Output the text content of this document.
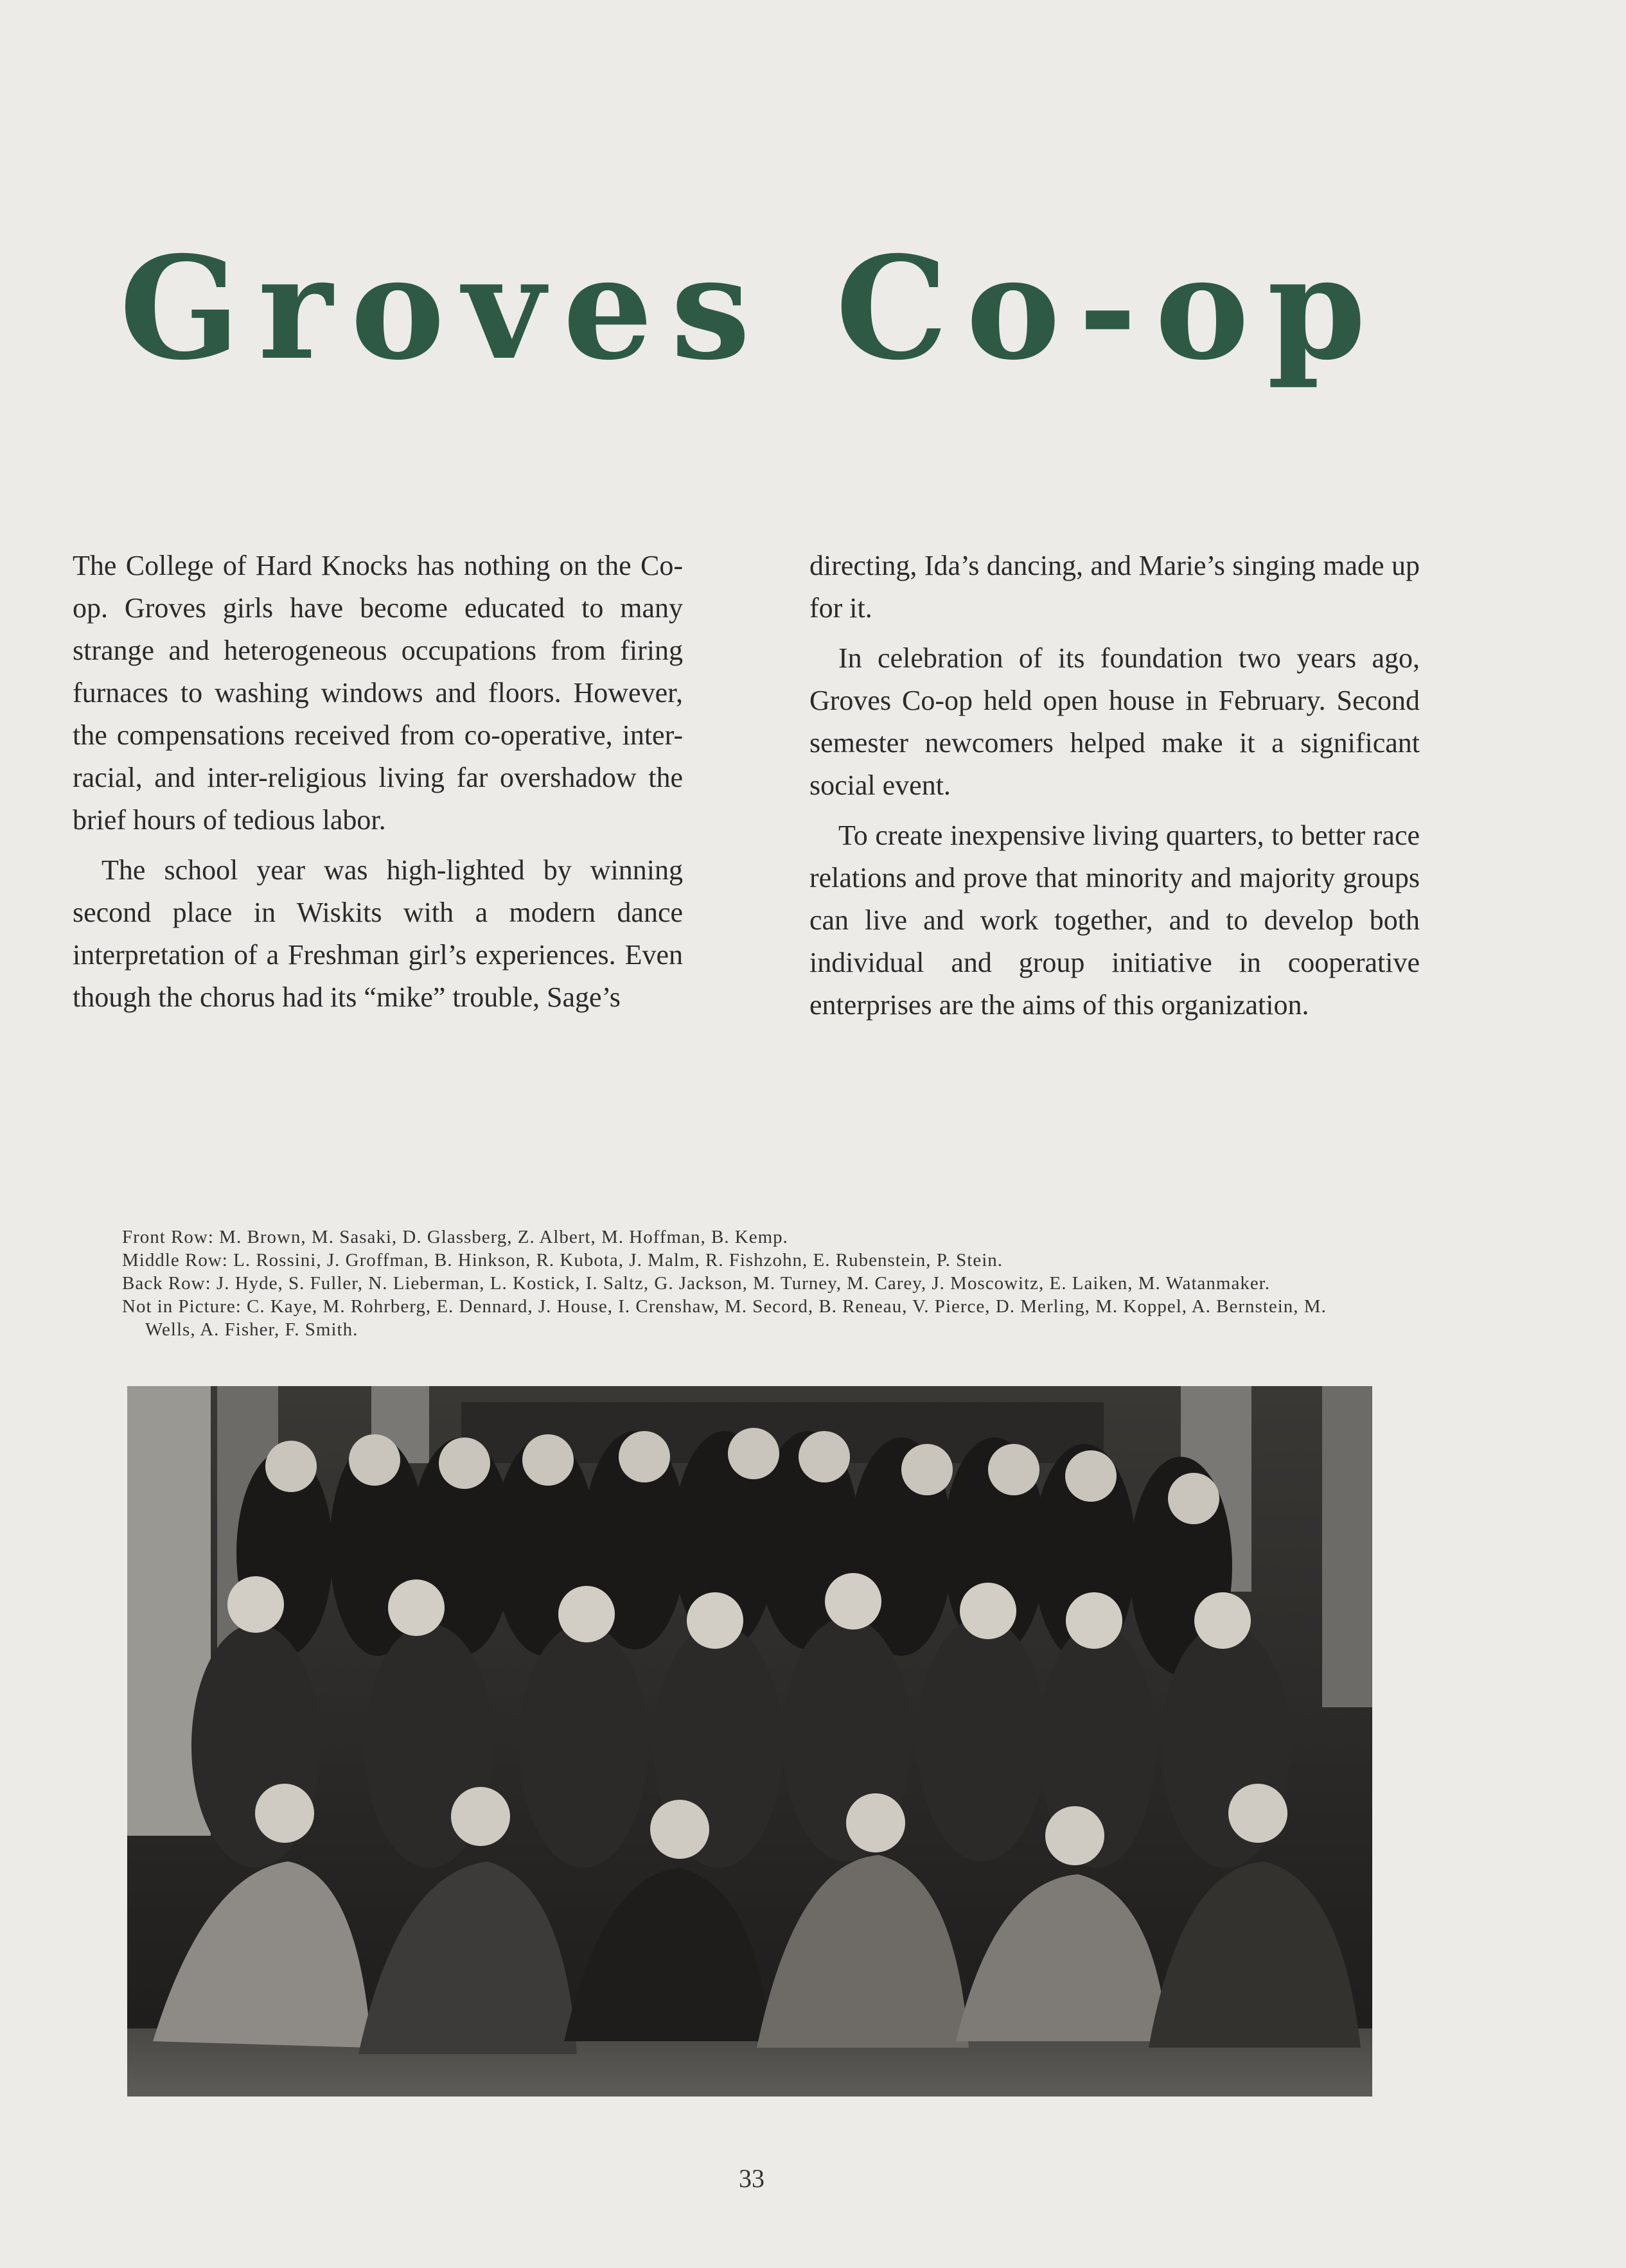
Groves Co-op

The College of Hard Knocks has nothing on the Co-op. Groves girls have become educated to many strange and heterogeneous occupations from firing furnaces to washing windows and floors. However, the compensations received from co-operative, inter-racial, and inter-religious living far overshadow the brief hours of tedious labor.

The school year was high-lighted by winning second place in Wiskits with a modern dance interpretation of a Freshman girl’s experiences. Even though the chorus had its “mike” trouble, Sage’s

directing, Ida’s dancing, and Marie’s singing made up for it.

In celebration of its foundation two years ago, Groves Co-op held open house in February. Second semester newcomers helped make it a significant social event.

To create inexpensive living quarters, to better race relations and prove that minority and majority groups can live and work together, and to develop both individual and group initiative in cooperative enterprises are the aims of this organization.

Front Row: M. Brown, M. Sasaki, D. Glassberg, Z. Albert, M. Hoffman, B. Kemp.
Middle Row: L. Rossini, J. Groffman, B. Hinkson, R. Kubota, J. Malm, R. Fishzohn, E. Rubenstein, P. Stein.
Back Row: J. Hyde, S. Fuller, N. Lieberman, L. Kostick, I. Saltz, G. Jackson, M. Turney, M. Carey, J. Moscowitz, E. Laiken, M. Watanmaker.
Not in Picture: C. Kaye, M. Rohrberg, E. Dennard, J. House, I. Crenshaw, M. Secord, B. Reneau, V. Pierce, D. Merling, M. Koppel, A. Bernstein, M. Wells, A. Fisher, F. Smith.
33
